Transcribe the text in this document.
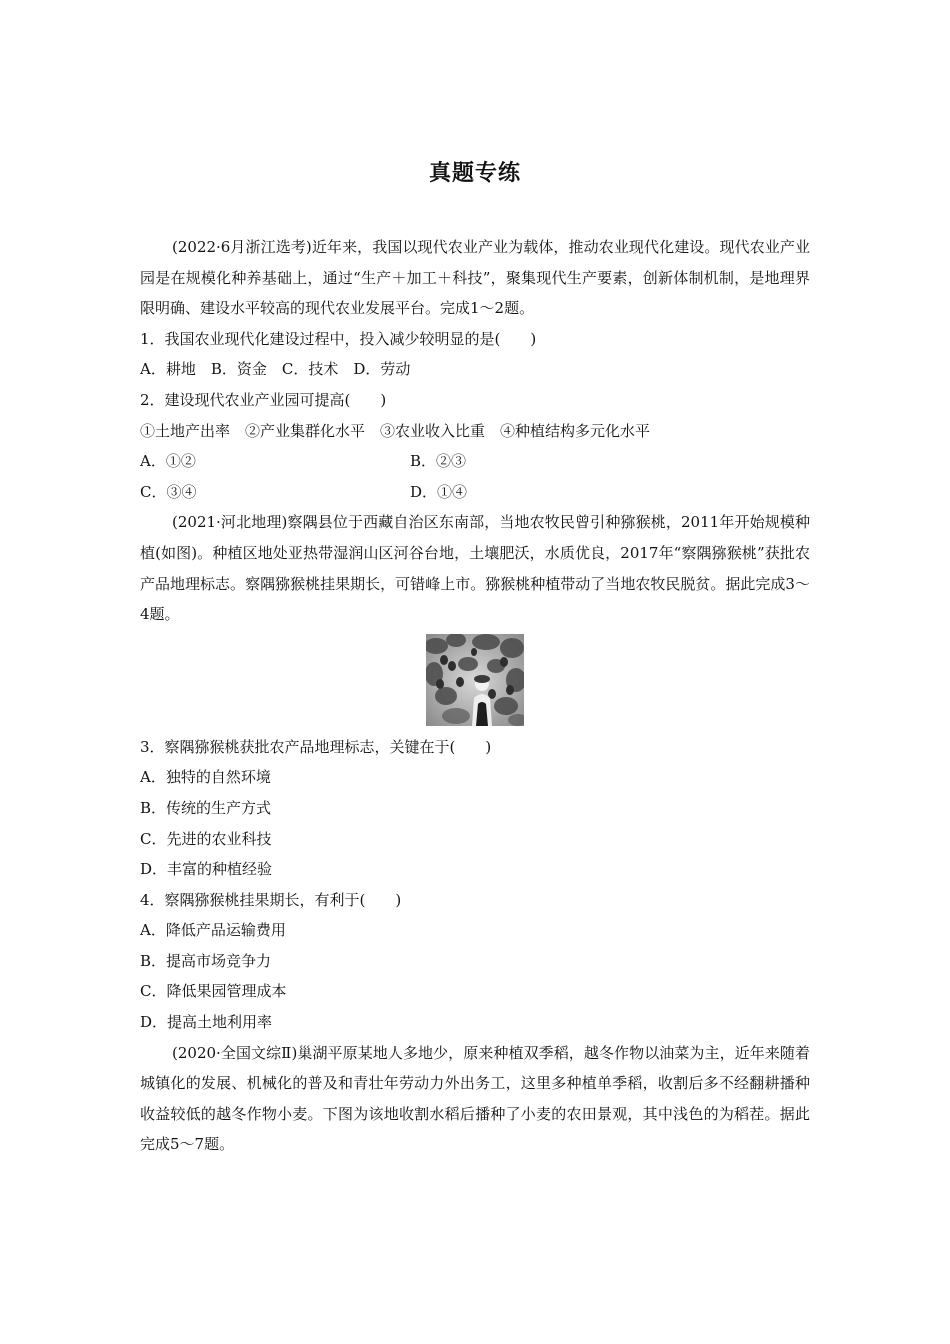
真题专练

(2022·6月浙江选考)近年来，我国以现代农业产业为载体，推动农业现代化建设。现代农业产业园是在规模化种养基础上，通过“生产＋加工＋科技”，聚集现代生产要素，创新体制机制，是地理界限明确、建设水平较高的现代农业发展平台。完成1～2题。

1．我国农业现代化建设过程中，投入减少较明显的是(　　)

A．耕地　B．资金　C．技术　D．劳动

2．建设现代农业产业园可提高(　　)

①土地产出率　②产业集群化水平　③农业收入比重　④种植结构多元化水平

A．①②	B．②③
C．③④	D．①④

(2021·河北地理)察隅县位于西藏自治区东南部，当地农牧民曾引种猕猴桃，2011年开始规模种植(如图)。种植区地处亚热带湿润山区河谷台地，土壤肥沃，水质优良，2017年“察隅猕猴桃”获批农产品地理标志。察隅猕猴桃挂果期长，可错峰上市。猕猴桃种植带动了当地农牧民脱贫。据此完成3～4题。

3．察隅猕猴桃获批农产品地理标志，关键在于(　　)

A．独特的自然环境

B．传统的生产方式

C．先进的农业科技

D．丰富的种植经验

4．察隅猕猴桃挂果期长，有利于(　　)

A．降低产品运输费用

B．提高市场竞争力

C．降低果园管理成本

D．提高土地利用率

(2020·全国文综Ⅱ)巢湖平原某地人多地少，原来种植双季稻，越冬作物以油菜为主，近年来随着城镇化的发展、机械化的普及和青壮年劳动力外出务工，这里多种植单季稻，收割后多不经翻耕播种收益较低的越冬作物小麦。下图为该地收割水稻后播种了小麦的农田景观，其中浅色的为稻茬。据此完成5～7题。
